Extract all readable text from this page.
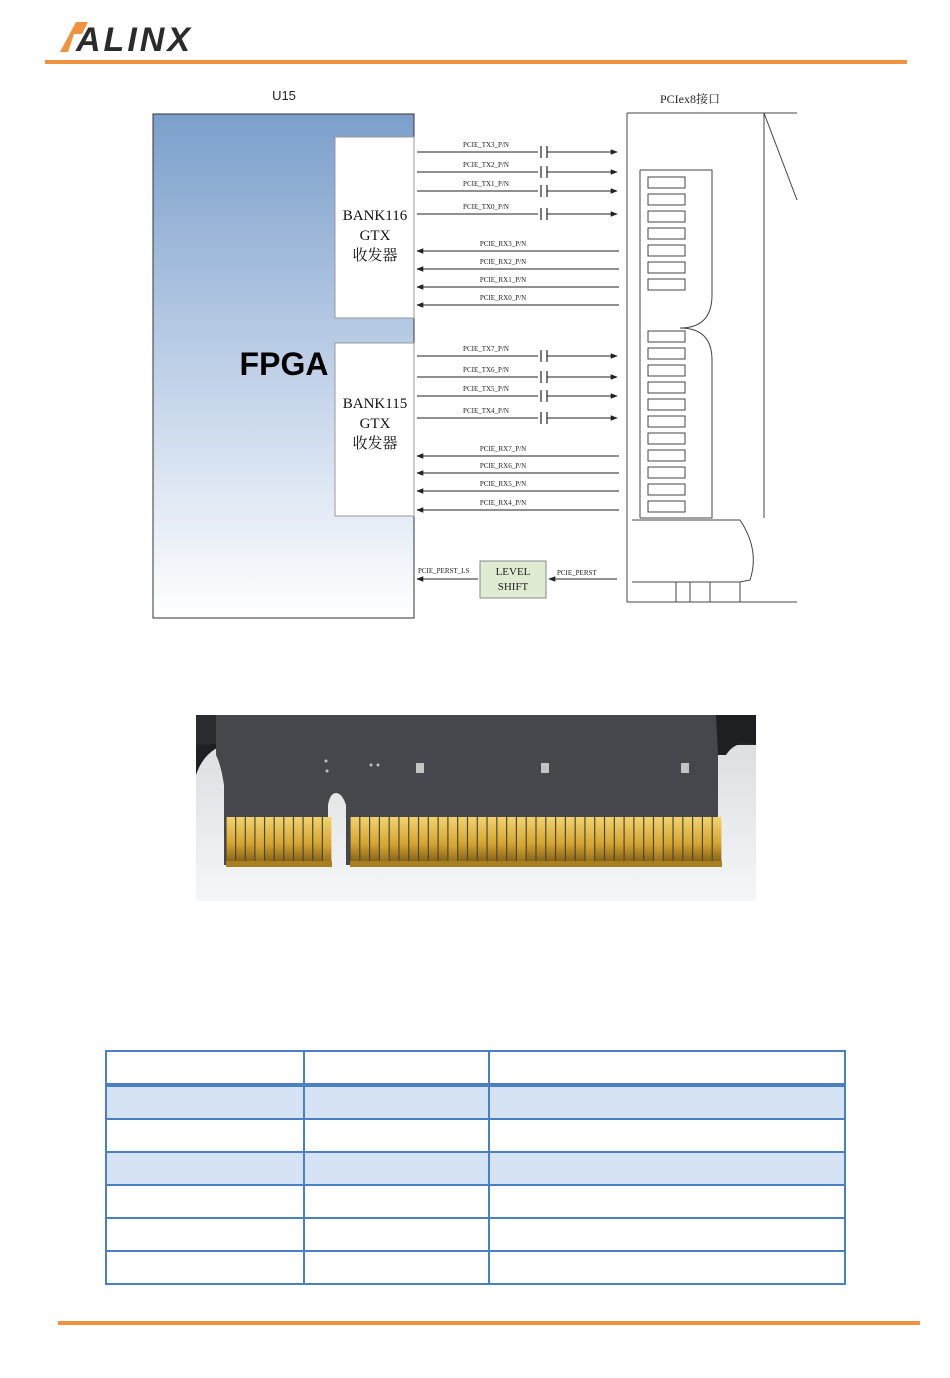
ALINX
U15
FPGA
BANK116
GTX
收发器
BANK115
GTX
收发器
PCIex8接口
PCIE_TX3_P/N
PCIE_TX2_P/N
PCIE_TX1_P/N
PCIE_TX0_P/N
PCIE_RX3_P/N
PCIE_RX2_P/N
PCIE_RX1_P/N
PCIE_RX0_P/N
PCIE_TX7_P/N
PCIE_TX6_P/N
PCIE_TX5_P/N
PCIE_TX4_P/N
PCIE_RX7_P/N
PCIE_RX6_P/N
PCIE_RX5_P/N
PCIE_RX4_P/N
LEVEL
SHIFT
PCIE_PERST_LS	PCIE_PERST
